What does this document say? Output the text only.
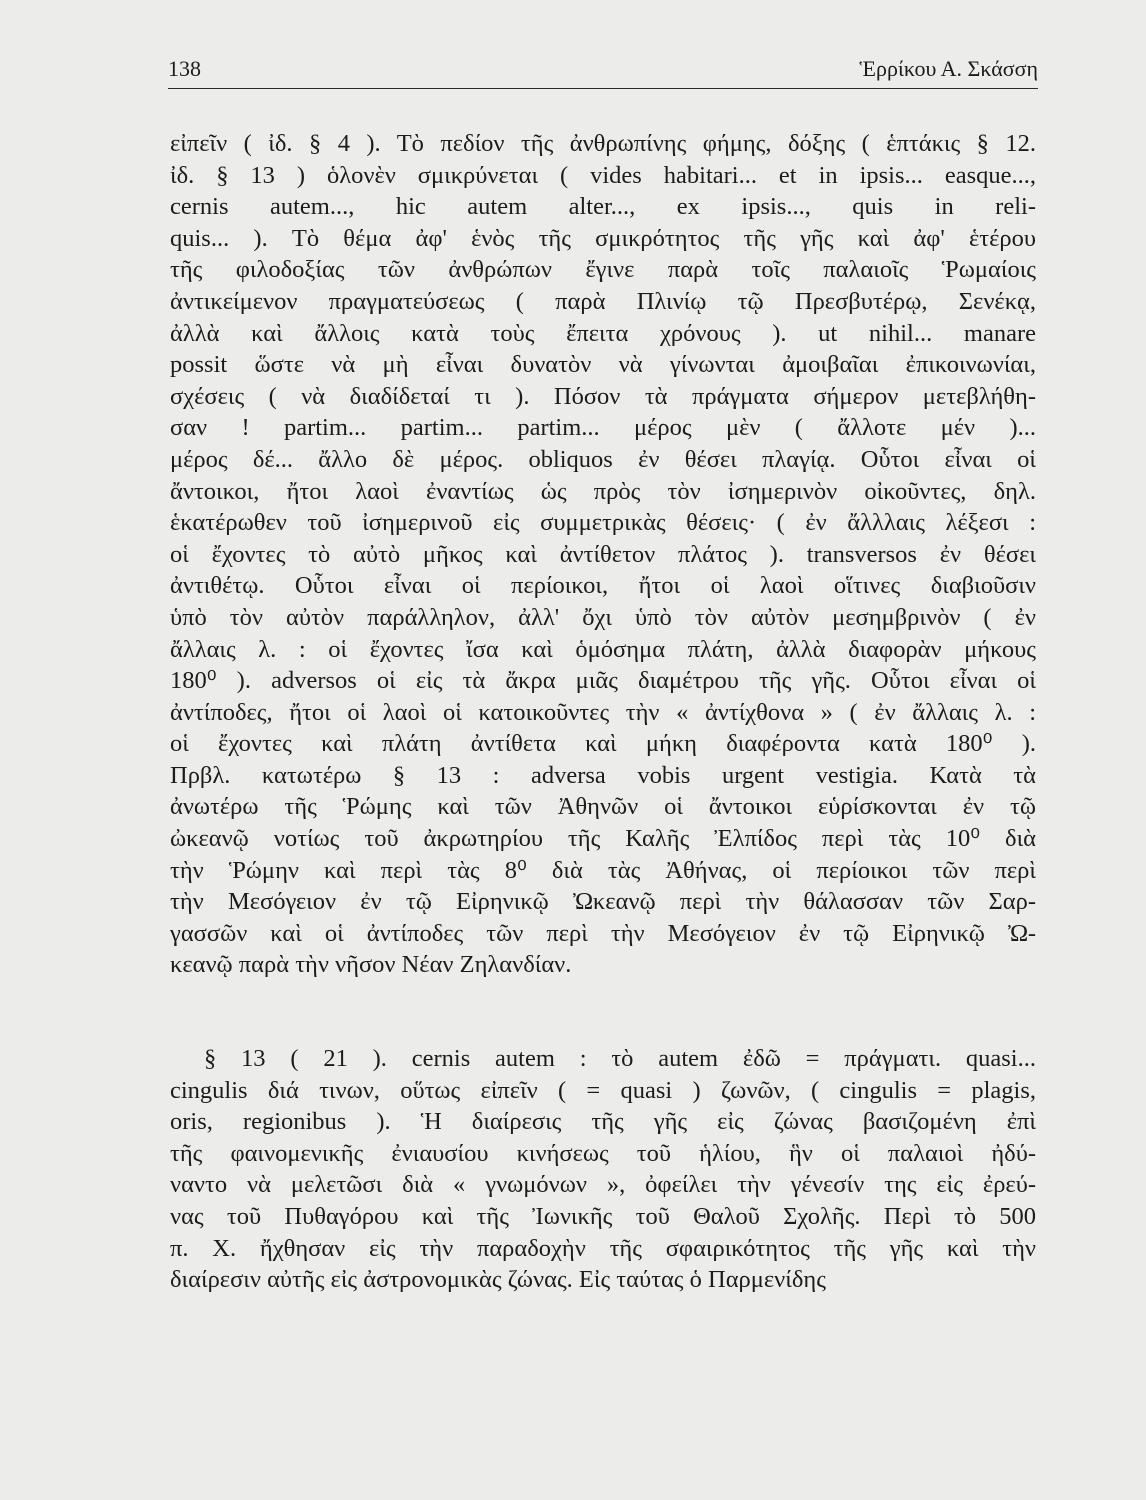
138	Ἑρρίκου Α. Σκάσση

εἰπεῖν ( ἰδ. § 4 ). Τὸ πεδίον τῆς ἀνθρωπίνης φήμης, δόξης ( ἑπτάκις § 12.
ἰδ. § 13 ) ὁλονὲν σμικρύνεται ( vides habitari... et in ipsis... easque...,
cernis autem..., hic autem alter..., ex ipsis..., quis in reli-
quis... ). Τὸ θέμα ἀφ' ἑνὸς τῆς σμικρότητος τῆς γῆς καὶ ἀφ' ἑτέρου
τῆς φιλοδοξίας τῶν ἀνθρώπων ἔγινε παρὰ τοῖς παλαιοῖς Ῥωμαίοις
ἀντικείμενον πραγματεύσεως ( παρὰ Πλινίῳ τῷ Πρεσβυτέρῳ, Σενέκᾳ,
ἀλλὰ καὶ ἄλλοις κατὰ τοὺς ἔπειτα χρόνους ). ut nihil... manare
possit ὥστε νὰ μὴ εἶναι δυνατὸν νὰ γίνωνται ἀμοιβαῖαι ἐπικοινωνίαι,
σχέσεις ( νὰ διαδίδεταί τι ). Πόσον τὰ πράγματα σήμερον μετεβλήθη-
σαν ! partim... partim... partim... μέρος μὲν ( ἄλλοτε μέν )...
μέρος δέ... ἄλλο δὲ μέρος. obliquos ἐν θέσει πλαγίᾳ. Οὗτοι εἶναι οἱ
ἄντοικοι, ἤτοι λαοὶ ἐναντίως ὡς πρὸς τὸν ἰσημερινὸν οἰκοῦντες, δηλ.
ἑκατέρωθεν τοῦ ἰσημερινοῦ εἰς συμμετρικὰς θέσεις· ( ἐν ἄλλλαις λέξεσι :
οἱ ἔχοντες τὸ αὐτὸ μῆκος καὶ ἀντίθετον πλάτος ). transversos ἐν θέσει
ἀντιθέτῳ. Οὗτοι εἶναι οἱ περίοικοι, ἤτοι οἱ λαοὶ οἵτινες διαβιοῦσιν
ὑπὸ τὸν αὐτὸν παράλληλον, ἀλλ' ὄχι ὑπὸ τὸν αὐτὸν μεσημβρινὸν ( ἐν
ἄλλαις λ. : οἱ ἔχοντες ἴσα καὶ ὁμόσημα πλάτη, ἀλλὰ διαφορὰν μήκους
180⁰ ). adversos οἱ εἰς τὰ ἄκρα μιᾶς διαμέτρου τῆς γῆς. Οὗτοι εἶναι οἱ
ἀντίποδες, ἤτοι οἱ λαοὶ οἱ κατοικοῦντες τὴν « ἀντίχθονα » ( ἐν ἄλλαις λ. :
οἱ ἔχοντες καὶ πλάτη ἀντίθετα καὶ μήκη διαφέροντα κατὰ 180⁰ ).
Πρβλ. κατωτέρω § 13 : adversa vobis urgent vestigia. Κατὰ τὰ
ἀνωτέρω τῆς Ῥώμης καὶ τῶν Ἀθηνῶν οἱ ἄντοικοι εὑρίσκονται ἐν τῷ
ὠκεανῷ νοτίως τοῦ ἀκρωτηρίου τῆς Καλῆς Ἐλπίδος περὶ τὰς 10⁰ διὰ
τὴν Ῥώμην καὶ περὶ τὰς 8⁰ διὰ τὰς Ἀθήνας, οἱ περίοικοι τῶν περὶ
τὴν Μεσόγειον ἐν τῷ Εἰρηνικῷ Ὠκεανῷ περὶ τὴν θάλασσαν τῶν Σαρ-
γασσῶν καὶ οἱ ἀντίποδες τῶν περὶ τὴν Μεσόγειον ἐν τῷ Εἰρηνικῷ Ὠ-
κεανῷ παρὰ τὴν νῆσον Νέαν Ζηλανδίαν.

§ 13 ( 21 ). cernis autem : τὸ autem ἐδῶ = πράγματι. quasi...
cingulis διά τινων, οὕτως εἰπεῖν ( = quasi ) ζωνῶν, ( cingulis = plagis,
oris, regionibus ). Ἡ διαίρεσις τῆς γῆς εἰς ζώνας βασιζομένη ἐπὶ
τῆς φαινομενικῆς ἐνιαυσίου κινήσεως τοῦ ἡλίου, ἣν οἱ παλαιοὶ ἠδύ-
ναντο νὰ μελετῶσι διὰ « γνωμόνων », ὀφείλει τὴν γένεσίν της εἰς ἐρεύ-
νας τοῦ Πυθαγόρου καὶ τῆς Ἰωνικῆς τοῦ Θαλοῦ Σχολῆς. Περὶ τὸ 500
π. Χ. ἤχθησαν εἰς τὴν παραδοχὴν τῆς σφαιρικότητος τῆς γῆς καὶ τὴν
διαίρεσιν αὐτῆς εἰς ἀστρονομικὰς ζώνας. Εἰς ταύτας ὁ Παρμενίδης
